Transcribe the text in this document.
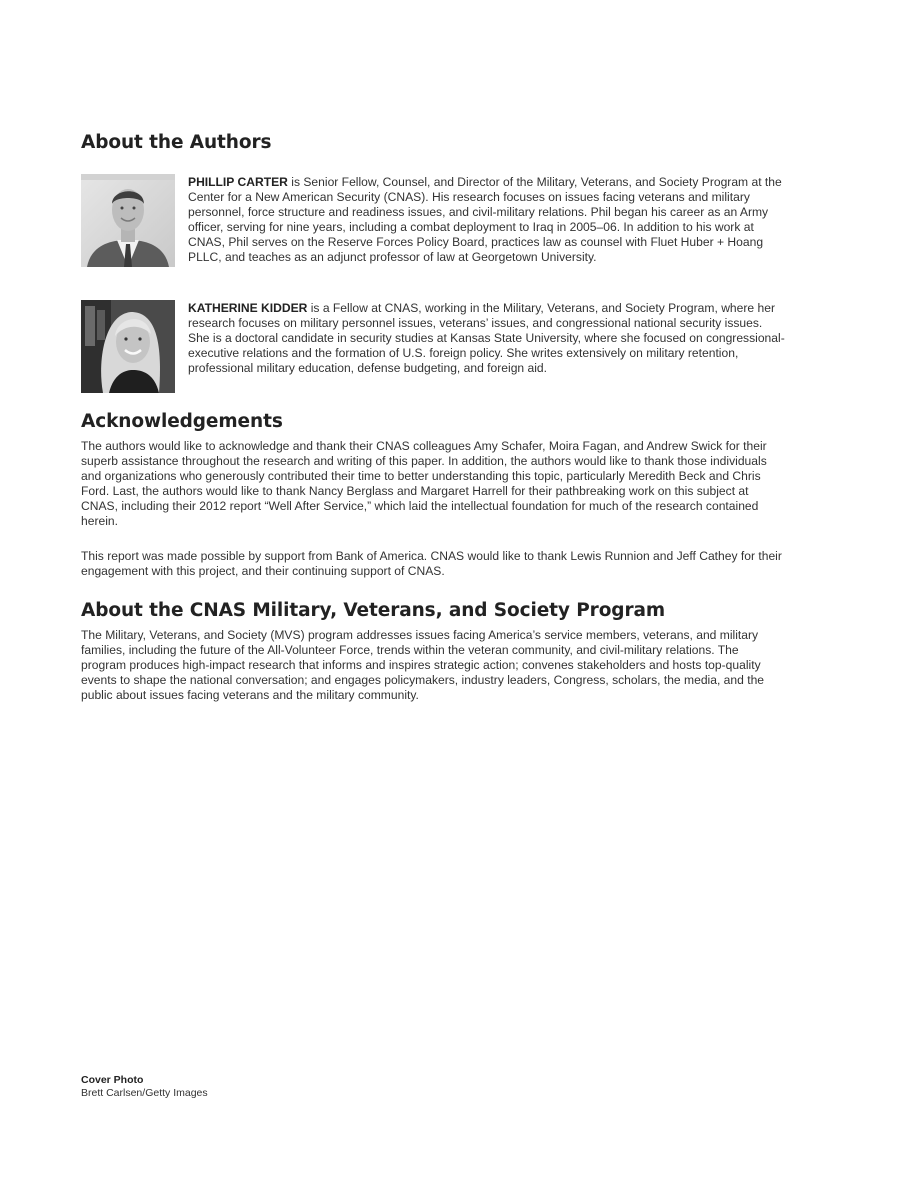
About the Authors

PHILLIP CARTER is Senior Fellow, Counsel, and Director of the Military, Veterans, and Society Program at the Center for a New American Security (CNAS). His research focuses on issues facing veterans and military personnel, force structure and readiness issues, and civil-military relations. Phil began his career as an Army officer, serving for nine years, including a combat deployment to Iraq in 2005–06. In addition to his work at CNAS, Phil serves on the Reserve Forces Policy Board, practices law as counsel with Fluet Huber + Hoang PLLC, and teaches as an adjunct professor of law at Georgetown University.

KATHERINE KIDDER is a Fellow at CNAS, working in the Military, Veterans, and Society Program, where her research focuses on military personnel issues, veterans’ issues, and congressional national security issues. She is a doctoral candidate in security studies at Kansas State University, where she focused on congressional-executive relations and the formation of U.S. foreign policy. She writes extensively on military retention, professional military education, defense budgeting, and foreign aid.

Acknowledgements

The authors would like to acknowledge and thank their CNAS colleagues Amy Schafer, Moira Fagan, and Andrew Swick for their superb assistance throughout the research and writing of this paper. In addition, the authors would like to thank those individuals and organizations who generously contributed their time to better understanding this topic, particularly Meredith Beck and Chris Ford. Last, the authors would like to thank Nancy Berglass and Margaret Harrell for their pathbreaking work on this subject at CNAS, including their 2012 report “Well After Service,” which laid the intellectual foundation for much of the research contained herein.

This report was made possible by support from Bank of America. CNAS would like to thank Lewis Runnion and Jeff Cathey for their engagement with this project, and their continuing support of CNAS.

About the CNAS Military, Veterans, and Society Program

The Military, Veterans, and Society (MVS) program addresses issues facing America’s service members, veterans, and military families, including the future of the All-Volunteer Force, trends within the veteran community, and civil-military relations. The program produces high-impact research that informs and inspires strategic action; convenes stakeholders and hosts top-quality events to shape the national conversation; and engages policymakers, industry leaders, Congress, scholars, the media, and the public about issues facing veterans and the military community.

Cover Photo
Brett Carlsen/Getty Images
